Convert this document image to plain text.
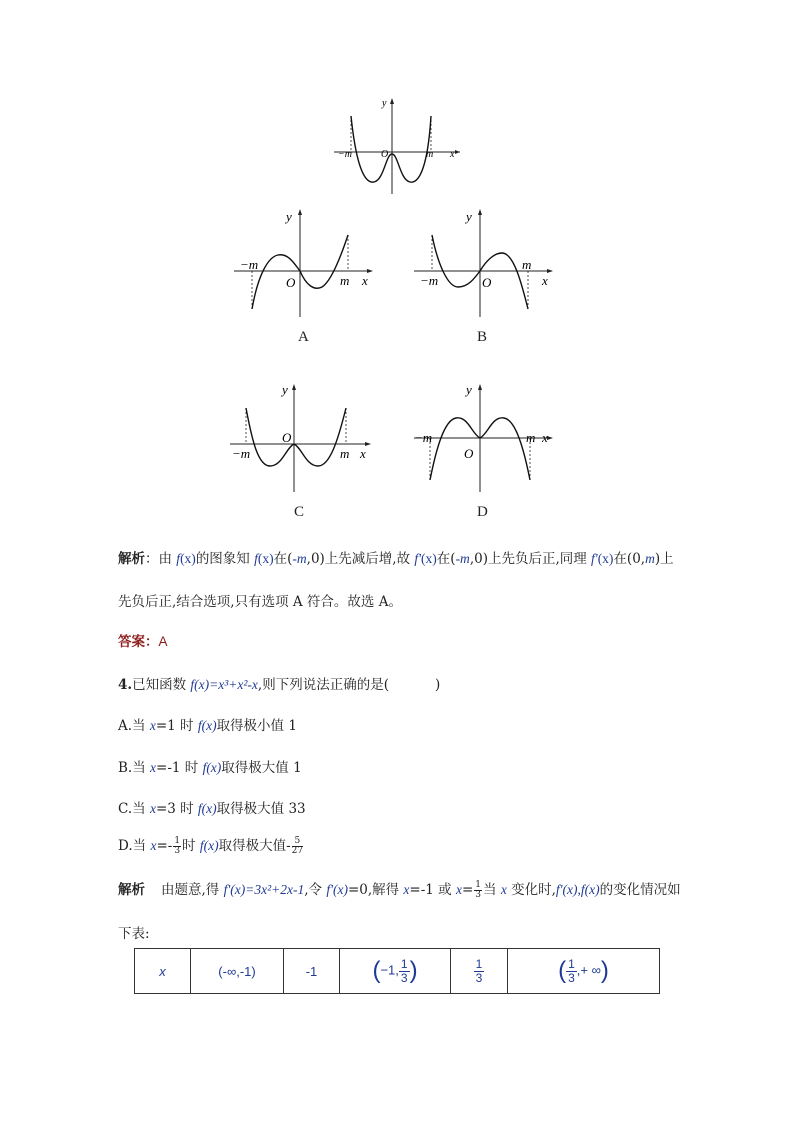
y
x
−m	m
O
y
x
−m
m
O
A
y
x
−m
m
O
B
y
x
−m	m
O
C
y
x
−m	m
O
D
解析：由 f(x)的图象知 f(x)在(-m,0)上先减后增,故 f'(x)在(-m,0)上先负后正,同理 f'(x)在(0,m)上
先负后正,结合选项,只有选项 A 符合。故选 A。
答案：A
4.已知函数 f(x)=x³+x²-x,则下列说法正确的是(	)
A.当 x=1 时 f(x)取得极小值 1
B.当 x=-1 时 f(x)取得极大值 1
C.当 x=3 时 f(x)取得极大值 33
D.当 $x=- \frac{1}{3}$ 时 f(x)取得极大值- $\frac{5}{27}$
解析 由题意,得 f'(x)=3x²+2x-1,令 f'(x)=0,解得 x=-1 或 $x= \frac{1}{3}$ 当 x 变化时,f'(x),f(x)的变化情况如
下表:
x	(-∞,-1)	-1	(−1, $\frac{1}{3}$ )	$\frac{1}{3}$	( $\frac{1}{3}$ ,+ ∞)
